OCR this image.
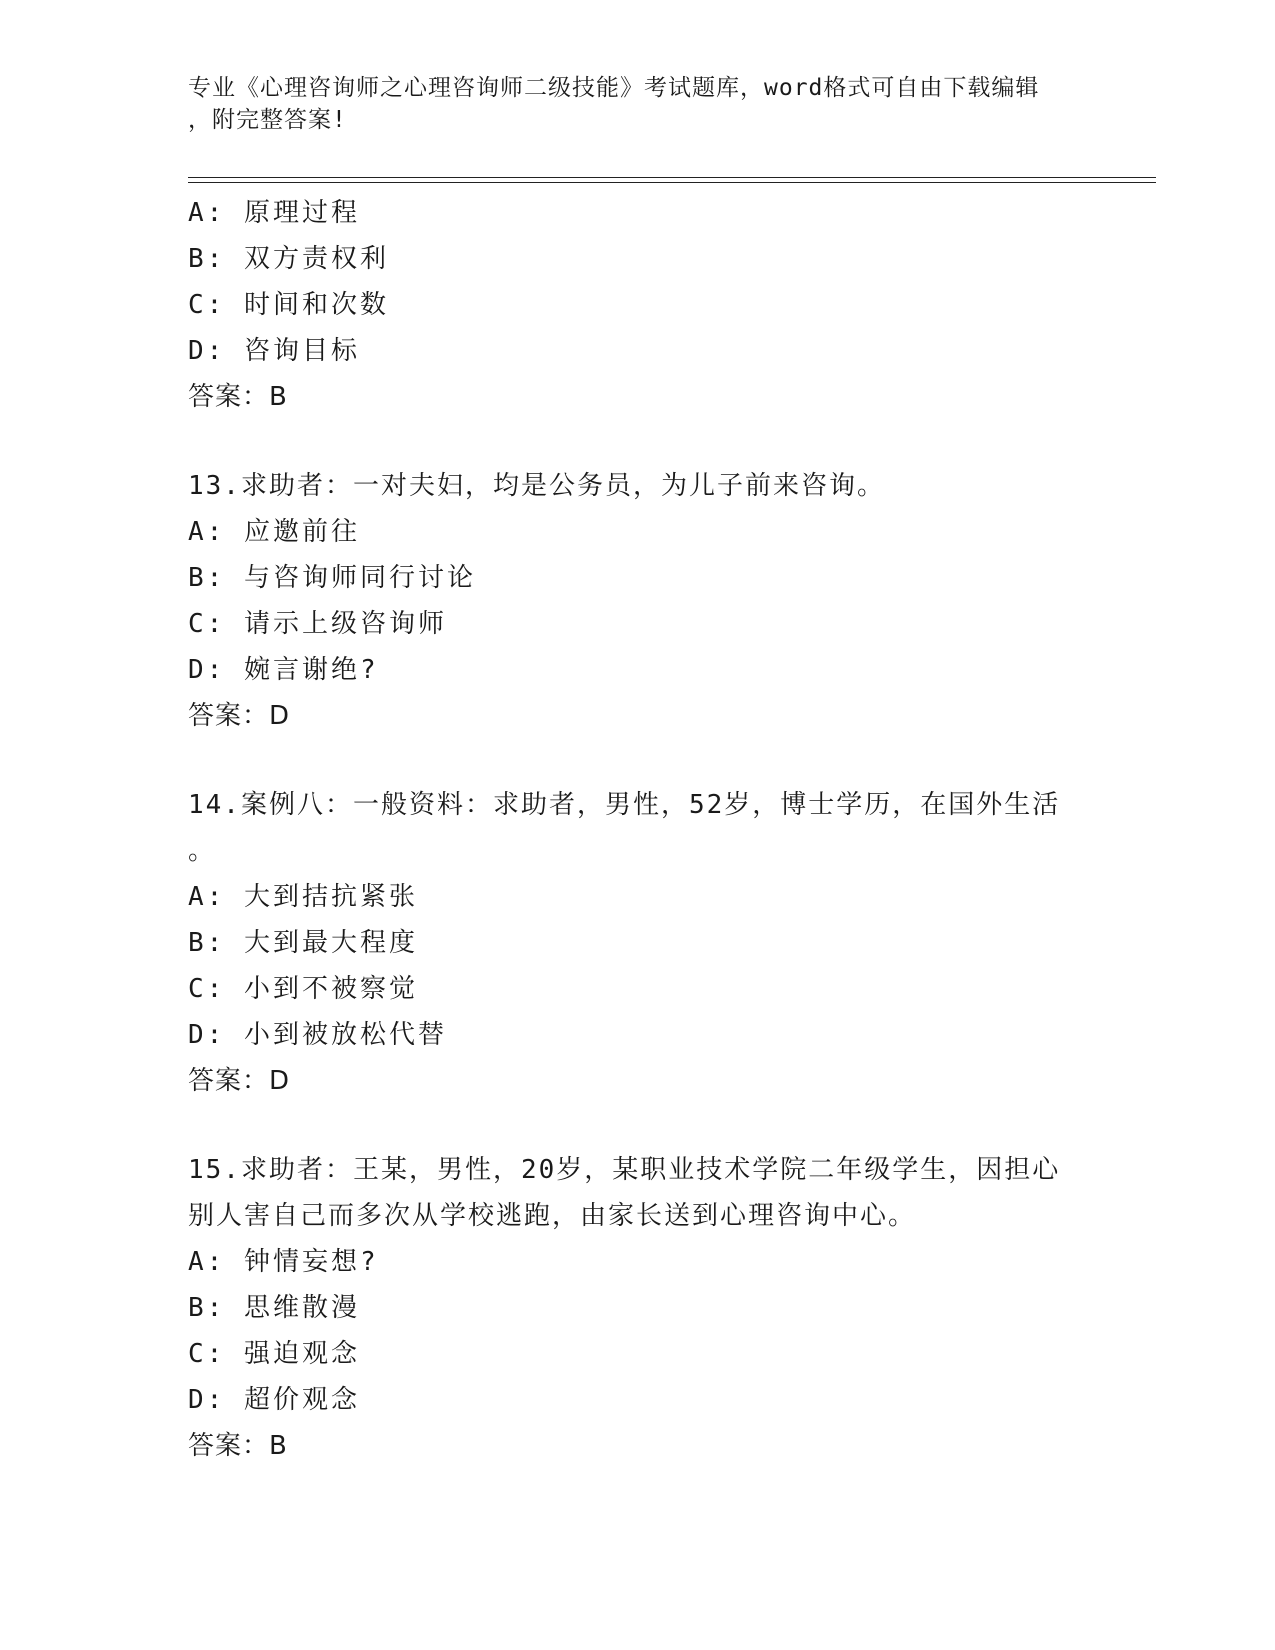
专业《心理咨询师之心理咨询师二级技能》考试题库，word格式可自由下载编辑
，附完整答案!

A: 原理过程

B: 双方责权利

C: 时间和次数

D: 咨询目标

答案：B

13.求助者：一对夫妇，均是公务员，为儿子前来咨询。

A: 应邀前往

B: 与咨询师同行讨论

C: 请示上级咨询师

D: 婉言谢绝?

答案：D

14.案例八：一般资料：求助者，男性，52岁，博士学历，在国外生活

。

A: 大到拮抗紧张

B: 大到最大程度

C: 小到不被察觉

D: 小到被放松代替

答案：D

15.求助者：王某，男性，20岁，某职业技术学院二年级学生，因担心

别人害自己而多次从学校逃跑，由家长送到心理咨询中心。

A: 钟情妄想?

B: 思维散漫

C: 强迫观念

D: 超价观念

答案：B
